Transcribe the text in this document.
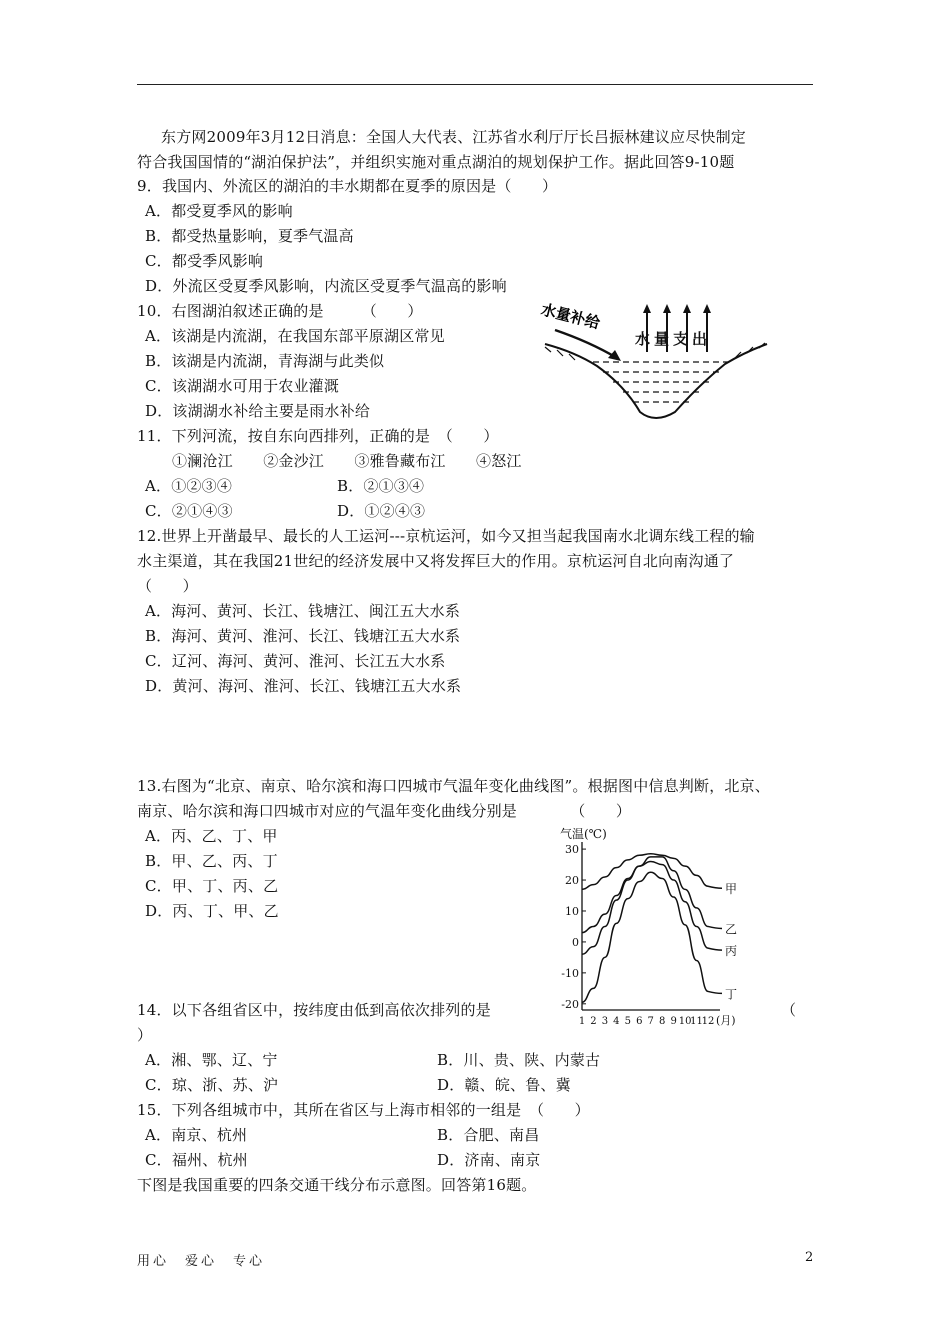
东方网2009年3月12日消息：全国人大代表、江苏省水利厅厅长吕振林建议应尽快制定
符合我国国情的“湖泊保护法”，并组织实施对重点湖泊的规划保护工作。据此回答9-10题
9．我国内、外流区的湖泊的丰水期都在夏季的原因是（　　）
A．都受夏季风的影响
B．都受热量影响，夏季气温高
C．都受季风影响
D．外流区受夏季风影响，内流区受夏季气温高的影响
10．右图湖泊叙述正确的是　　　（　　）
A．该湖是内流湖，在我国东部平原湖区常见
B．该湖是内流湖，青海湖与此类似
C．该湖湖水可用于农业灌溉
D．该湖湖水补给主要是雨水补给
水量补给
水量支出
11．下列河流，按自东向西排列，正确的是　（　　）
①澜沧江　　②金沙江　　③雅鲁藏布江　　④怒江
A．①②③④	B．②①③④
C．②①④③	D．①②④③
12.世界上开凿最早、最长的人工运河---京杭运河，如今又担当起我国南水北调东线工程的输
水主渠道，其在我国21世纪的经济发展中又将发挥巨大的作用。京杭运河自北向南沟通了
（　　）
A．海河、黄河、长江、钱塘江、闽江五大水系
B．海河、黄河、淮河、长江、钱塘江五大水系
C．辽河、海河、黄河、淮河、长江五大水系
D．黄河、海河、淮河、长江、钱塘江五大水系
13.右图为“北京、南京、哈尔滨和海口四城市气温年变化曲线图”。根据图中信息判断，北京、
南京、哈尔滨和海口四城市对应的气温年变化曲线分别是　　　　（　　）
A．丙、乙、丁、甲
B．甲、乙、丙、丁
C．甲、丁、丙、乙
D．丙、丁、甲、乙
气温(℃)
30
20
10
0
-10
-20
1 2 3 4 5 6 7 8 9 10
11
12
甲
乙
丙
丁
(月)
14．以下各组省区中，按纬度由低到高依次排列的是	（
）
A．湘、鄂、辽、宁	B．川、贵、陕、内蒙古
C．琼、浙、苏、沪	D．赣、皖、鲁、冀
15．下列各组城市中，其所在省区与上海市相邻的一组是　（　　）
A．南京、杭州	B．合肥、南昌
C．福州、杭州	D．济南、南京
下图是我国重要的四条交通干线分布示意图。回答第16题。
用心　爱心　专心	2
